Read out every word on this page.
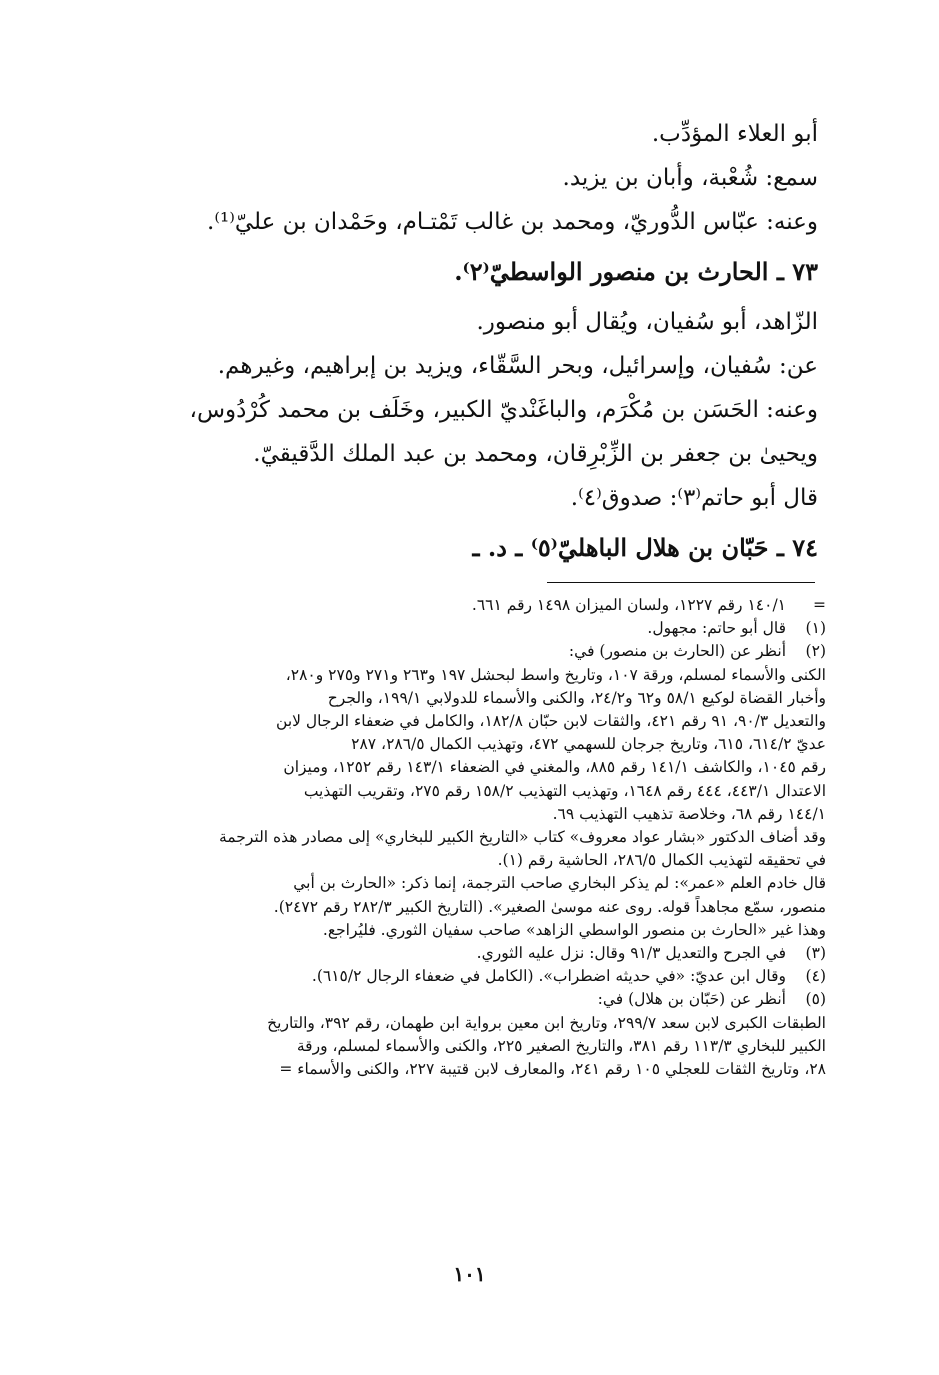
أبو العلاء المؤدِّب.
سمع: شُعْبة، وأبان بن يزيد.
وعنه: عبّاس الدُّوريّ، ومحمد بن غالب تَمْتـام، وحَمْدان بن عليّ⁽¹⁾.
٧٣ ـ الحارث بن منصور الواسطيّ⁽٢⁾.
الزّاهد، أبو سُفيان، ويُقال أبو منصور.
عن: سُفيان، وإسرائيل، وبحر السَّقّاء، ويزيد بن إبراهيم، وغيرهم.
وعنه: الحَسَن بن مُكْرَم، والباغَنْديّ الكبير، وخَلَف بن محمد كُرْدُوس،
ويحيىٰ بن جعفر بن الزِّبْرِقان، ومحمد بن عبد الملك الدَّقيقيّ.
قال أبو حاتم⁽٣⁾: صدوق⁽٤⁾.
٧٤ ـ حَبّان بن هلال الباهليّ⁽٥⁾ ـ د. ـ
=
١٤٠/١ رقم ١٢٢٧، ولسان الميزان ١٤٩٨ رقم ٦٦١.
(١)
قال أبو حاتم: مجهول.
(٢)
أنظر عن (الحارث بن منصور) في:
الكنى والأسماء لمسلم، ورقة ١٠٧، وتاريخ واسط لبحشل ١٩٧ و٢٦٣ و٢٧١ و٢٧٥ و٢٨٠،
وأخبار القضاة لوكيع ٥٨/١ و٦٢ و٢٤/٢، والكنى والأسماء للدولابي ١٩٩/١، والجرح
والتعديل ٩٠/٣، ٩١ رقم ٤٢١، والثقات لابن حبّان ١٨٢/٨، والكامل في ضعفاء الرجال لابن
عديّ ٦١٤/٢، ٦١٥، وتاريخ جرجان للسهمي ٤٧٢، وتهذيب الكمال ٢٨٦/٥، ٢٨٧
رقم ١٠٤٥، والكاشف ١٤١/١ رقم ٨٨٥، والمغني في الضعفاء ١٤٣/١ رقم ١٢٥٢، وميزان
الاعتدال ٤٤٣/١، ٤٤٤ رقم ١٦٤٨، وتهذيب التهذيب ١٥٨/٢ رقم ٢٧٥، وتقريب التهذيب
١٤٤/١ رقم ٦٨، وخلاصة تذهيب التهذيب ٦٩.
وقد أضاف الدكتور «بشار عواد معروف» كتاب «التاريخ الكبير للبخاري» إلى مصادر هذه الترجمة
في تحقيقه لتهذيب الكمال ٢٨٦/٥، الحاشية رقم (١).
قال خادم العلم «عمر»: لم يذكر البخاري صاحب الترجمة، إنما ذكر: «الحارث بن أبي
منصور، سمّع مجاهداً قوله. روى عنه موسىٰ الصغير». (التاريخ الكبير ٢٨٢/٣ رقم ٢٤٧٢).
وهذا غير «الحارث بن منصور الواسطي الزاهد» صاحب سفيان الثوري. فليُراجع.
(٣)
في الجرح والتعديل ٩١/٣ وقال: نزل عليه الثوري.
(٤)
وقال ابن عديّ: «في حديثه اضطراب». (الكامل في ضعفاء الرجال ٦١٥/٢).
(٥)
أنظر عن (حَبّان بن هلال) في:
الطبقات الكبرى لابن سعد ٢٩٩/٧، وتاريخ ابن معين برواية ابن طهمان، رقم ٣٩٢، والتاريخ
الكبير للبخاري ١١٣/٣ رقم ٣٨١، والتاريخ الصغير ٢٢٥، والكنى والأسماء لمسلم، ورقة
٢٨، وتاريخ الثقات للعجلي ١٠٥ رقم ٢٤١، والمعارف لابن قتيبة ٢٢٧، والكنى والأسماء =
١٠١
